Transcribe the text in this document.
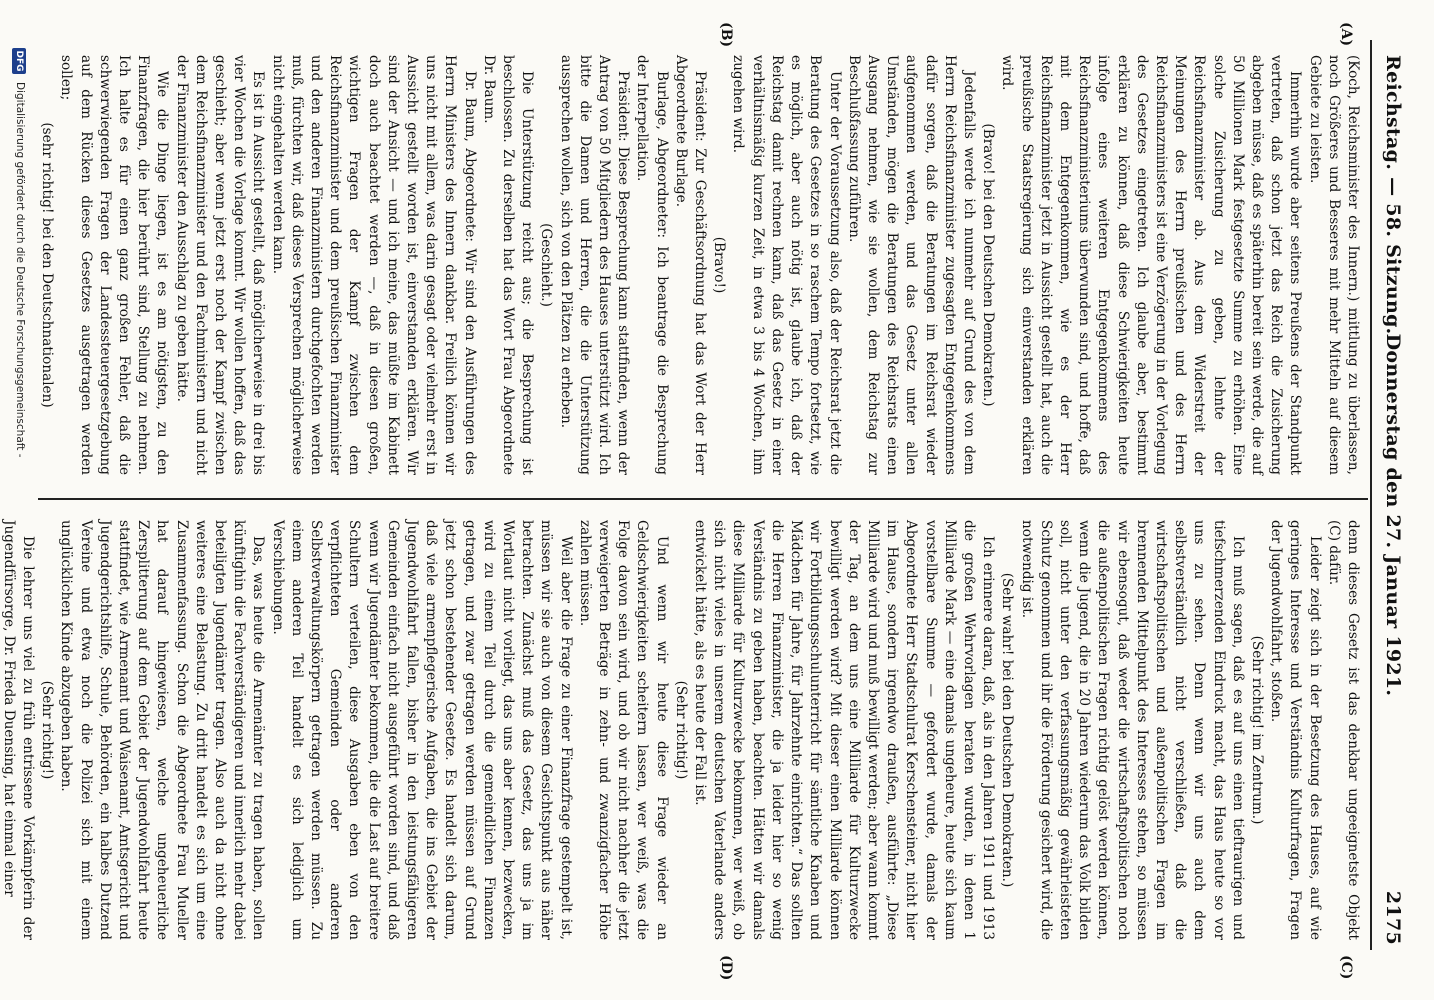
Reichstag. — 58. Sitzung.
Donnerstag den 27. Januar 1921.
2175
(A)
(B)
(C)
(D)

(Koch, Reichsminister des Innern.) mittlung zu überlassen, noch Größeres und Besseres mit mehr Mitteln auf diesem Gebiete zu leisten.

Immerhin wurde aber seitens Preußens der Standpunkt vertreten, daß schon jetzt das Reich die Zusicherung abgeben müsse, daß es späterhin bereit sein werde, die auf 50 Millionen Mark festgesetzte Summe zu erhöhen. Eine solche Zusicherung zu geben, lehnte der Reichsfinanzminister ab. Aus dem Widerstreit der Meinungen des Herrn preußischen und des Herrn Reichsfinanzministers ist eine Verzögerung in der Vorlegung des Gesetzes eingetreten. Ich glaube aber, bestimmt erklären zu können, daß diese Schwierigkeiten heute infolge eines weiteren Entgegenkommens des Reichsfinanzministeriums überwunden sind, und hoffe, daß mit dem Entgegenkommen, wie es der Herr Reichsfinanzminister jetzt in Aussicht gestellt hat, auch die preußische Staatsregierung sich einverstanden erklären wird.

(Bravo! bei den Deutschen Demokraten.)

Jedenfalls werde ich nunmehr auf Grund des von dem Herrn Reichsfinanzminister zugesagten Entgegenkommens dafür sorgen, daß die Beratungen im Reichsrat wieder aufgenommen werden, und das Gesetz unter allen Umständen, mögen die Beratungen des Reichsrats einen Ausgang nehmen, wie sie wollen, dem Reichstag zur Beschlußfassung zuführen.

Unter der Voraussetzung also, daß der Reichsrat jetzt die Beratung des Gesetzes in so raschem Tempo fortsetzt, wie es möglich, aber auch nötig ist, glaube ich, daß der Reichstag damit rechnen kann, daß das Gesetz in einer verhältnismäßig kurzen Zeit, in etwa 3 bis 4 Wochen, ihm zugehen wird.

(Bravo!)

Präsident: Zur Geschäftsordnung hat das Wort der Herr Abgeordnete Burlage.

Burlage, Abgeordneter: Ich beantrage die Besprechung der Interpellation.

Präsident: Diese Besprechung kann stattfinden, wenn der Antrag von 50 Mitgliedern des Hauses unterstützt wird. Ich bitte die Damen und Herren, die die Unterstützung aussprechen wollen, sich von den Plätzen zu erheben.

(Geschieht.)

Die Unterstützung reicht aus; die Besprechung ist beschlossen. Zu derselben hat das Wort Frau Abgeordnete Dr. Baum.

Dr. Baum, Abgeordnete: Wir sind den Ausführungen des Herrn Ministers des Innern dankbar. Freilich können wir uns nicht mit allem, was darin gesagt oder vielmehr erst in Aussicht gestellt worden ist, einverstanden erklären. Wir sind der Ansicht — und ich meine, das müßte im Kabinett doch auch beachtet werden —, daß in diesen großen, wichtigen Fragen der Kampf zwischen dem Reichsfinanzminister und dem preußischen Finanzminister und den anderen Finanzministern durchgefochten werden muß, fürchten wir, daß dieses Versprechen möglicherweise nicht eingehalten werden kann.

Es ist in Aussicht gestellt, daß möglicherweise in drei bis vier Wochen die Vorlage kommt. Wir wollen hoffen, daß das geschieht; aber wenn jetzt erst noch der Kampf zwischen dem Reichsfinanzminister und den Fachministern und nicht der Finanzminister den Ausschlag zu geben hätte.

Wie die Dinge liegen, ist es am nötigsten, zu den Finanzfragen, die hier berührt sind, Stellung zu nehmen. Ich halte es für einen ganz großen Fehler, daß die schwerwiegenden Fragen der Landessteuergesetzgebung auf dem Rücken dieses Gesetzes ausgetragen werden sollen;

(sehr richtig! bei den Deutschnationalen)

denn dieses Gesetz ist das denkbar ungeeignetste Objekt (C) dafür.

Leider zeigt sich in der Besetzung des Hauses, auf wie geringes Interesse und Verständnis Kulturfragen, Fragen der Jugendwohlfahrt, stoßen.

(Sehr richtig! im Zentrum.)

Ich muß sagen, daß es auf uns einen tieftraurigen und tiefschmerzenden Eindruck macht, das Haus heute so vor uns zu sehen. Denn wenn wir uns auch dem selbstverständlich nicht verschließen, daß die wirtschaftspolitischen und außenpolitischen Fragen im brennenden Mittelpunkt des Interesses stehen, so müssen wir ebensogut, daß weder die wirtschaftspolitischen noch die außenpolitischen Fragen richtig gelöst werden können, wenn die Jugend, die in 20 Jahren wiederum das Volk bilden soll, nicht unter den verfassungsmäßig gewährleisteten Schutz genommen und ihr die Förderung gesichert wird, die notwendig ist.

(Sehr wahr! bei den Deutschen Demokraten.)

Ich erinnere daran, daß, als in den Jahren 1911 und 1913 die großen Wehrvorlagen beraten wurden, in denen 1 Milliarde Mark — eine damals ungeheure, heute sich kaum vorstellbare Summe — gefordert wurde, damals der Abgeordnete Herr Stadtschulrat Kerschensteiner, nicht hier im Hause, sondern irgendwo draußen, ausführte: „Diese Milliarde wird und muß bewilligt werden; aber wann kommt der Tag, an dem uns eine Milliarde für Kulturzwecke bewilligt werden wird? Mit dieser einen Milliarde können wir Fortbildungsschulunterricht für sämtliche Knaben und Mädchen für Jahre, für Jahrzehnte einrichten.“ Das sollten die Herren Finanzminister, die ja leider hier so wenig Verständnis zu geben haben, beachten. Hätten wir damals diese Milliarde für Kulturzwecke bekommen, wer weiß, ob sich nicht vieles in unserem deutschen Vaterlande anders entwickelt hätte, als es heute der Fall ist.

(Sehr richtig!)

Und wenn wir heute diese Frage wieder an Geldschwierigkeiten scheitern lassen, wer weiß, was die Folge davon sein wird, und ob wir nicht nachher die jetzt verweigerten Beträge in zehn- und zwanzigfacher Höhe zahlen müssen.

Weil aber die Frage zu einer Finanzfrage gestempelt ist, müssen wir sie auch von diesem Gesichtspunkt aus näher betrachten. Zunächst muß das Gesetz, das uns ja im Wortlaut nicht vorliegt, das uns aber kennen, bezwecken, wird zu einem Teil durch die gemeindlichen Finanzen getragen, und zwar getragen werden müssen auf Grund jetzt schon bestehender Gesetze. Es handelt sich darum, daß viele armenpflegerische Aufgaben, die ins Gebiet der Jugendwohlfahrt fallen, bisher in den leistungsfähigeren Gemeinden einfach nicht ausgeführt worden sind, und daß wenn wir Jugendämter bekommen, die die Last auf breitere Schultern verteilen, diese Ausgaben eben von den verpflichteten Gemeinden oder anderen Selbstverwaltungskörpern getragen werden müssen. Zu einem anderen Teil handelt es sich lediglich um Verschiebungen.

Das, was heute die Armenämter zu tragen haben, sollen künftighin die Fachverständigeren und innerlich mehr dabei beteiligten Jugendämter tragen. Also auch da nicht ohne weiteres eine Belastung. Zu dritt handelt es sich um eine Zusammenfassung. Schon die Abgeordnete Frau Mueller hat darauf hingewiesen, welche ungeheuerliche Zersplitterung auf dem Gebiet der Jugendwohlfahrt heute stattfindet, wie Armenamt und Waisenamt, Amtsgericht und Jugendgerichtshilfe, Schule, Behörden, ein halbes Dutzend Vereine und etwa noch die Polizei sich mit einem unglücklichen Kinde abzugeben haben.

(Sehr richtig!)

Die lehrer uns viel zu früh entrissene Vorkämpferin der Jugendfürsorge, Dr. Frieda Duensing, hat einmal einer

DFG
Digitalisierung gefördert durch die Deutsche Forschungsgemeinschaft -
